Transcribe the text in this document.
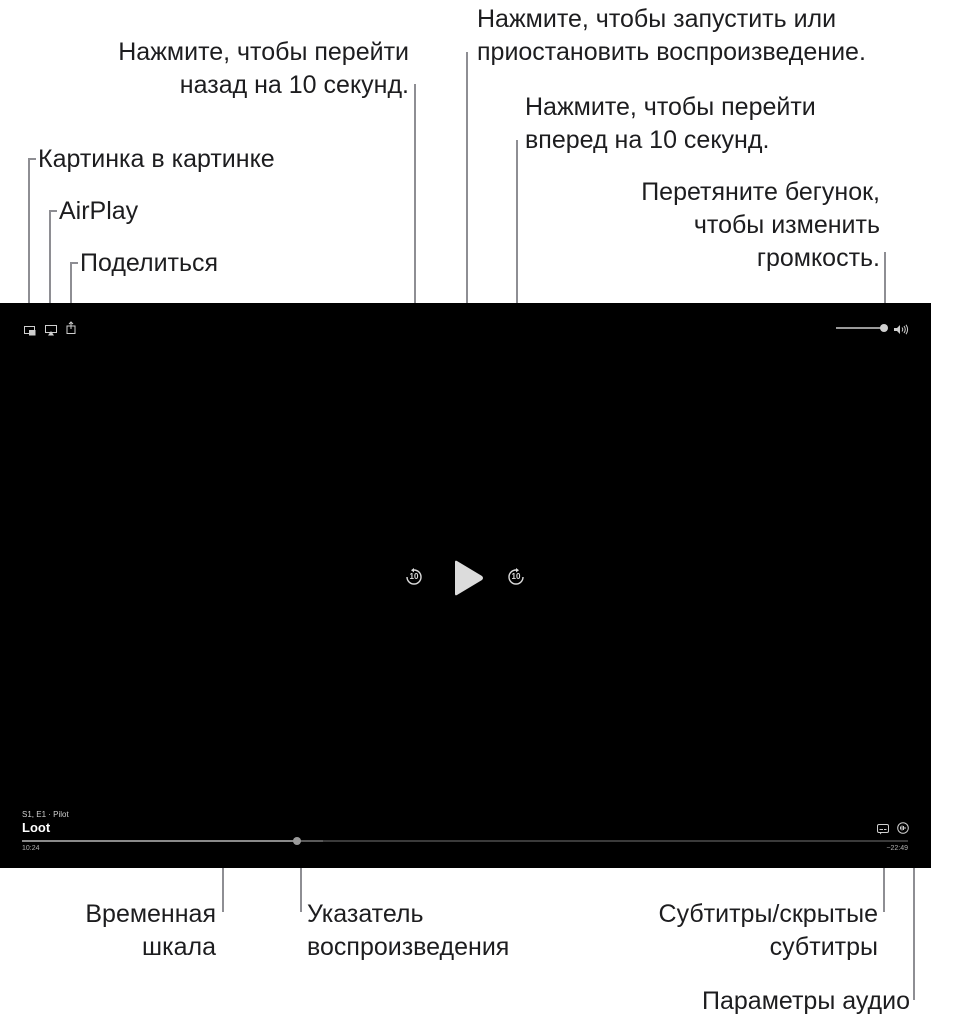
Картинка в картинке
AirPlay
Поделиться
Нажмите, чтобы перейти
назад на 10 секунд.
Нажмите, чтобы запустить или
приостановить воспроизведение.
Нажмите, чтобы перейти
вперед на 10 секунд.
Перетяните бегунок,
чтобы изменить
громкость.
Временная
шкала
Указатель
воспроизведения
Субтитры/скрытые
субтитры
Параметры аудио
10	10
S1, E1 · Pilot
Loot
10:24	−22:49
